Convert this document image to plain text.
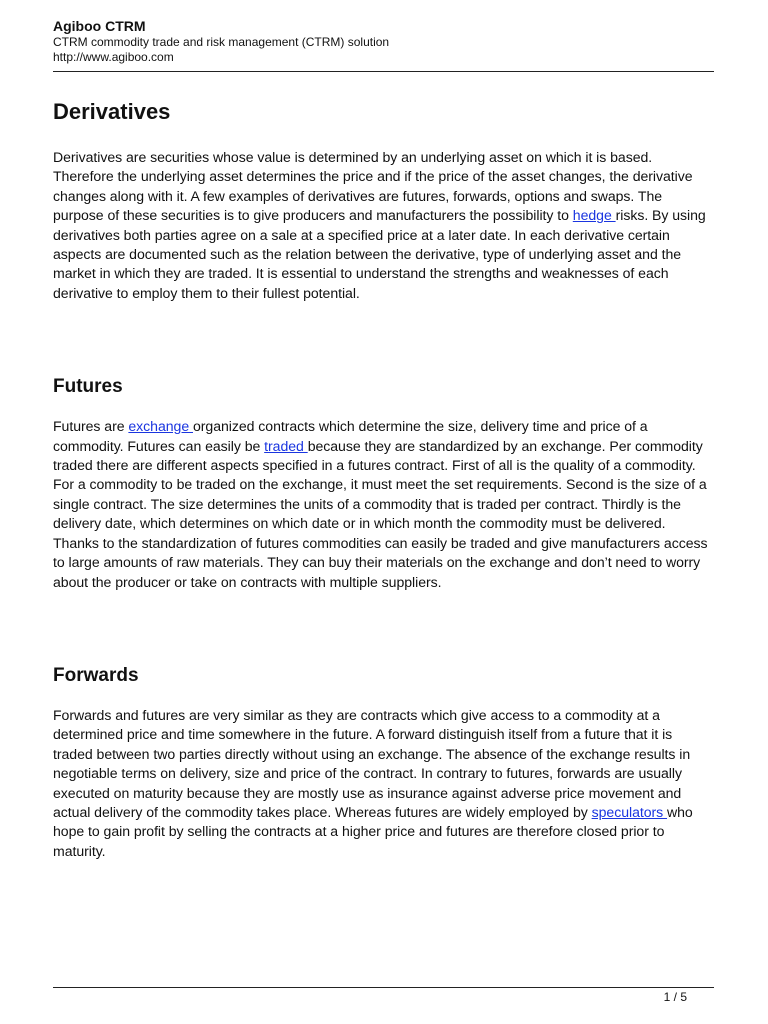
Agiboo CTRM

CTRM commodity trade and risk management (CTRM) solution

http://www.agiboo.com

Derivatives

Derivatives are securities whose value is determined by an underlying asset on which it is based. Therefore the underlying asset determines the price and if the price of the asset changes, the derivative changes along with it. A few examples of derivatives are futures, forwards, options and swaps. The purpose of these securities is to give producers and manufacturers the possibility to hedge risks. By using derivatives both parties agree on a sale at a specified price at a later date. In each derivative certain aspects are documented such as the relation between the derivative, type of underlying asset and the market in which they are traded. It is essential to understand the strengths and weaknesses of each derivative to employ them to their fullest potential.

Futures

Futures are exchange organized contracts which determine the size, delivery time and price of a commodity. Futures can easily be traded because they are standardized by an exchange. Per commodity traded there are different aspects specified in a futures contract. First of all is the quality of a commodity. For a commodity to be traded on the exchange, it must meet the set requirements. Second is the size of a single contract. The size determines the units of a commodity that is traded per contract. Thirdly is the delivery date, which determines on which date or in which month the commodity must be delivered. Thanks to the standardization of futures commodities can easily be traded and give manufacturers access to large amounts of raw materials. They can buy their materials on the exchange and don’t need to worry about the producer or take on contracts with multiple suppliers.

Forwards

Forwards and futures are very similar as they are contracts which give access to a commodity at a determined price and time somewhere in the future. A forward distinguish itself from a future that it is traded between two parties directly without using an exchange. The absence of the exchange results in negotiable terms on delivery, size and price of the contract. In contrary to futures, forwards are usually executed on maturity because they are mostly use as insurance against adverse price movement and actual delivery of the commodity takes place. Whereas futures are widely employed by speculators who hope to gain profit by selling the contracts at a higher price and futures are therefore closed prior to maturity.

1 / 5
